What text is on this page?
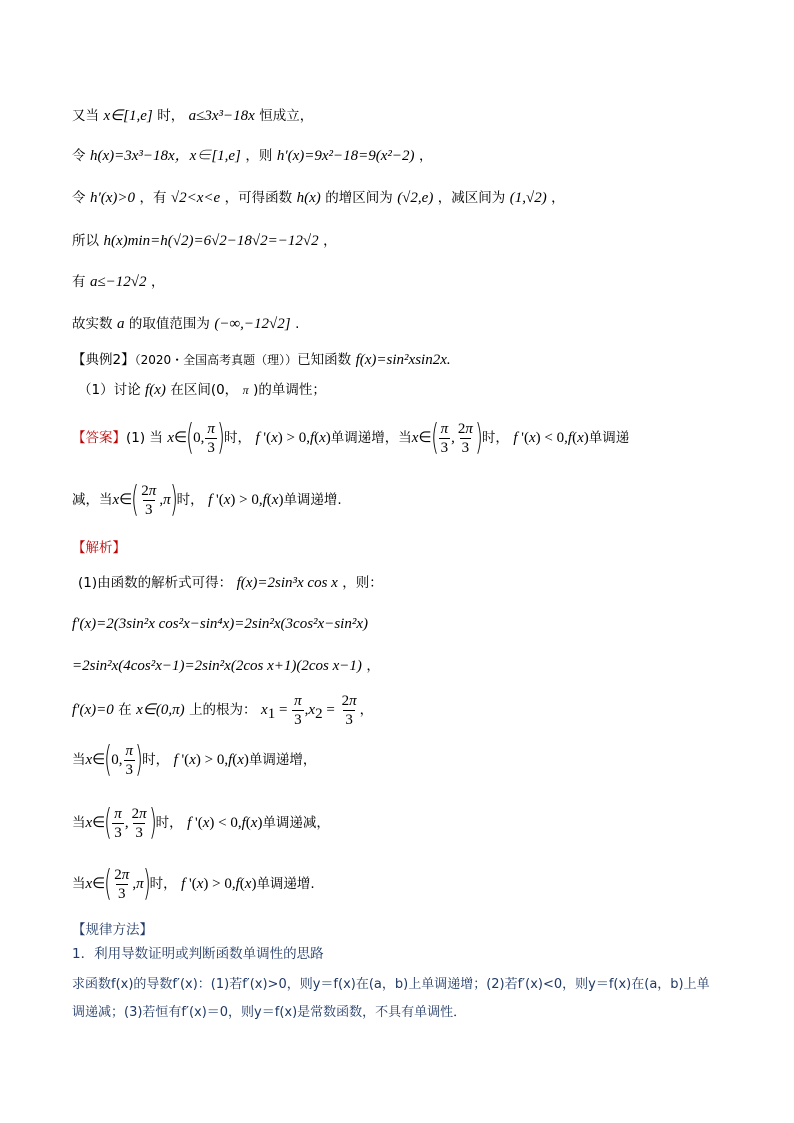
又当 x∈[1,e] 时， a≤3x³−18x 恒成立，
令 h(x)=3x³−18x，x∈[1,e] ，则 h′(x)=9x²−18=9(x²−2) ，
令 h′(x)>0 ，有 √2<x<e ，可得函数 h(x) 的增区间为 (√2,e) ，减区间为 (1,√2) ，
所以 h(x)min=h(√2)=6√2−18√2=−12√2 ，
有 a≤−12√2 ，
故实数 a 的取值范围为 (−∞,−12√2] .
【典例2】（2020・全国高考真题（理））已知函数 f(x)=sin²xsin2x.
（1）讨论 f(x) 在区间(0， π )的单调性；
【答案】(1) 当 x∈(0, $\frac{\pi}{3}$ )时， f '(x) > 0,f(x)单调递增，当x∈( $\frac{\pi}{3}$ , $\frac{2\pi}{3}$ )时， f '(x) < 0,f(x)单调递
减，当x∈( $\frac{2\pi}{3} ,\pi$)时， f '(x) > 0,f(x)单调递增.
【解析】
(1)由函数的解析式可得： f(x)=2sin³x cos x ，则：
f′(x)=2(3sin²x cos²x−sin⁴x)=2sin²x(3cos²x−sin²x)
=2sin²x(4cos²x−1)=2sin²x(2cos x+1)(2cos x−1) ，
f′(x)=0 在 x∈(0,π) 上的根为： $x_1 = \frac{\pi}{3} ,x_2 = \frac{2\pi}{3}$ ，
当x∈(0, $\frac{\pi}{3}$ )时， f '(x) > 0,f(x)单调递增，
当x∈( $\frac{\pi}{3}$ , $\frac{2\pi}{3}$ )时， f '(x) < 0,f(x)单调递减，
当x∈( $\frac{2\pi}{3} ,\pi$)时， f '(x) > 0,f(x)单调递增.
【规律方法】
1．利用导数证明或判断函数单调性的思路
求函数f(x)的导数f′(x)：(1)若f′(x)>0，则y＝f(x)在(a，b)上单调递增；(2)若f′(x)<0，则y＝f(x)在(a，b)上单
调递减；(3)若恒有f′(x)＝0，则y＝f(x)是常数函数，不具有单调性．
